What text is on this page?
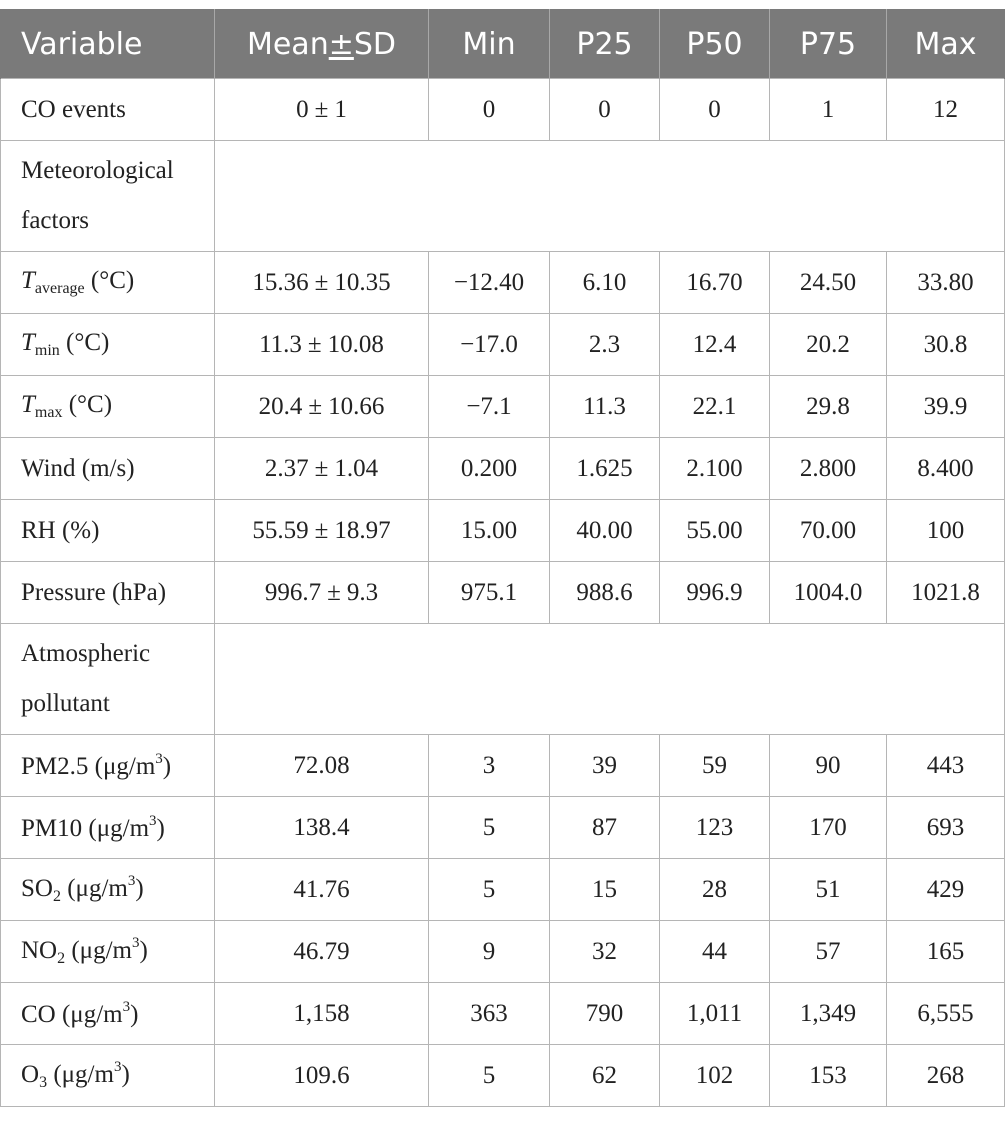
Variable	Mean±SD	Min	P25	P50	P75	Max
CO events	0 ± 1	0	0	0	1	12
Meteorological
factors						
$T_{average}$ (°C)	15.36 ± 10.35	−12.40	6.10	16.70	24.50	33.80
$T_{min}$ (°C)	11.3 ± 10.08	−17.0	2.3	12.4	20.2	30.8
$T_{max}$ (°C)	20.4 ± 10.66	−7.1	11.3	22.1	29.8	39.9
Wind (m/s)	2.37 ± 1.04	0.200	1.625	2.100	2.800	8.400
RH (%)	55.59 ± 18.97	15.00	40.00	55.00	70.00	100
Pressure (hPa)	996.7 ± 9.3	975.1	988.6	996.9	1004.0	1021.8
Atmospheric
pollutant						
PM2.5 $(\mu g/m^3)$	72.08	3	39	59	90	443
PM10 $(\mu g/m^3)$	138.4	5	87	123	170	693
$SO_2$ $(\mu g/m^3)$	41.76	5	15	28	51	429
$NO_2$ $(\mu g/m^3)$	46.79	9	32	44	57	165
CO $(\mu g/m^3)$	1,158	363	790	1,011	1,349	6,555
$O_3$ $(\mu g/m^3)$	109.6	5	62	102	153	268
